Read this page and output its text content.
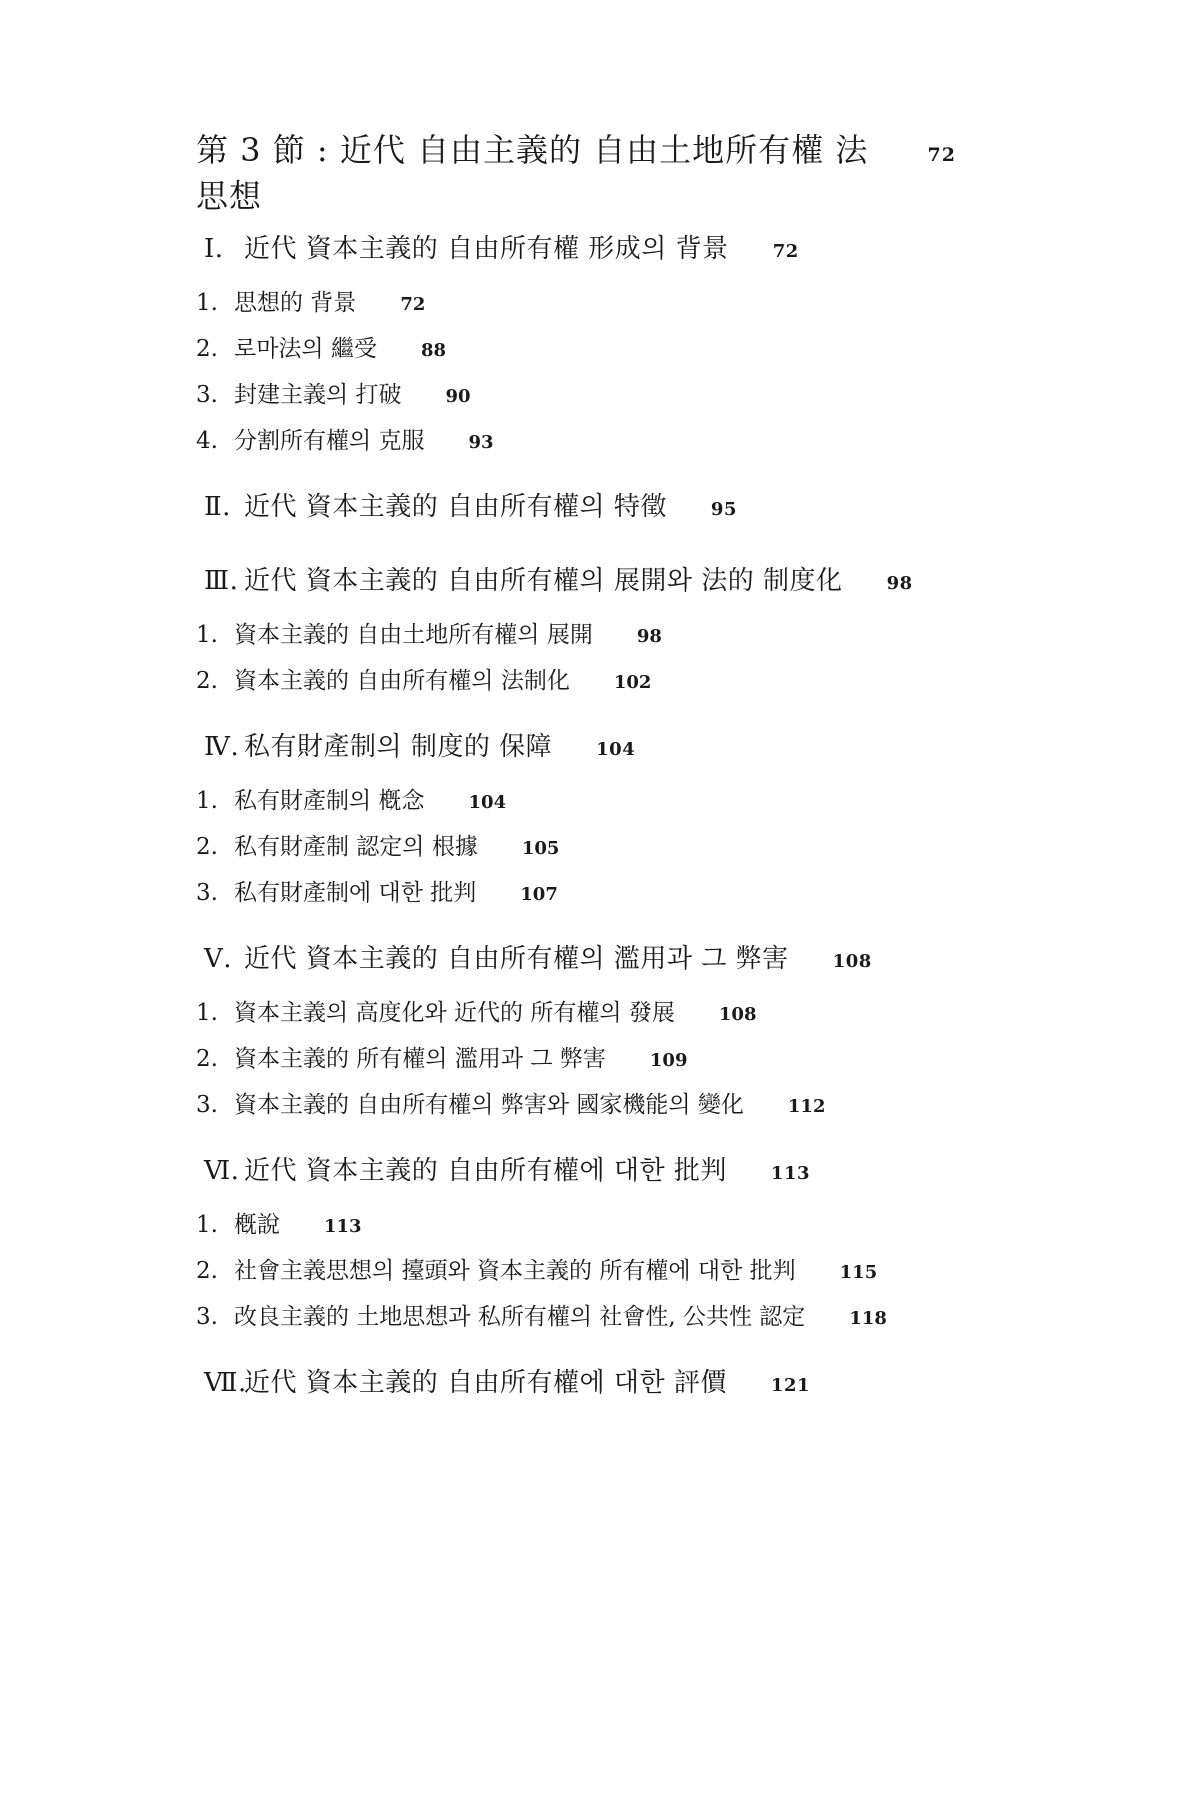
第 3 節 : 近代 自由主義的 自由土地所有權 法思想
72
Ⅰ. 近代 資本主義的 自由所有權 形成의 背景 72
1. 思想的 背景 72
2. 로마法의 繼受 88
3. 封建主義의 打破 90
4. 分割所有權의 克服 93
Ⅱ. 近代 資本主義的 自由所有權의 特徵 95
Ⅲ. 近代 資本主義的 自由所有權의 展開와 法的 制度化 98
1. 資本主義的 自由土地所有權의 展開 98
2. 資本主義的 自由所有權의 法制化 102
Ⅳ. 私有財產制의 制度的 保障 104
1. 私有財產制의 槪念 104
2. 私有財產制 認定의 根據 105
3. 私有財產制에 대한 批判 107
Ⅴ. 近代 資本主義的 自由所有權의 濫用과 그 弊害 108
1. 資本主義의 高度化와 近代的 所有權의 發展 108
2. 資本主義的 所有權의 濫用과 그 弊害 109
3. 資本主義的 自由所有權의 弊害와 國家機能의 變化 112
Ⅵ. 近代 資本主義的 自由所有權에 대한 批判 113
1. 槪說 113
2. 社會主義思想의 擡頭와 資本主義的 所有權에 대한 批判 115
3. 改良主義的 土地思想과 私所有權의 社會性, 公共性 認定 118
Ⅶ.
近代 資本主義的 自由所有權에 대한 評價 121
